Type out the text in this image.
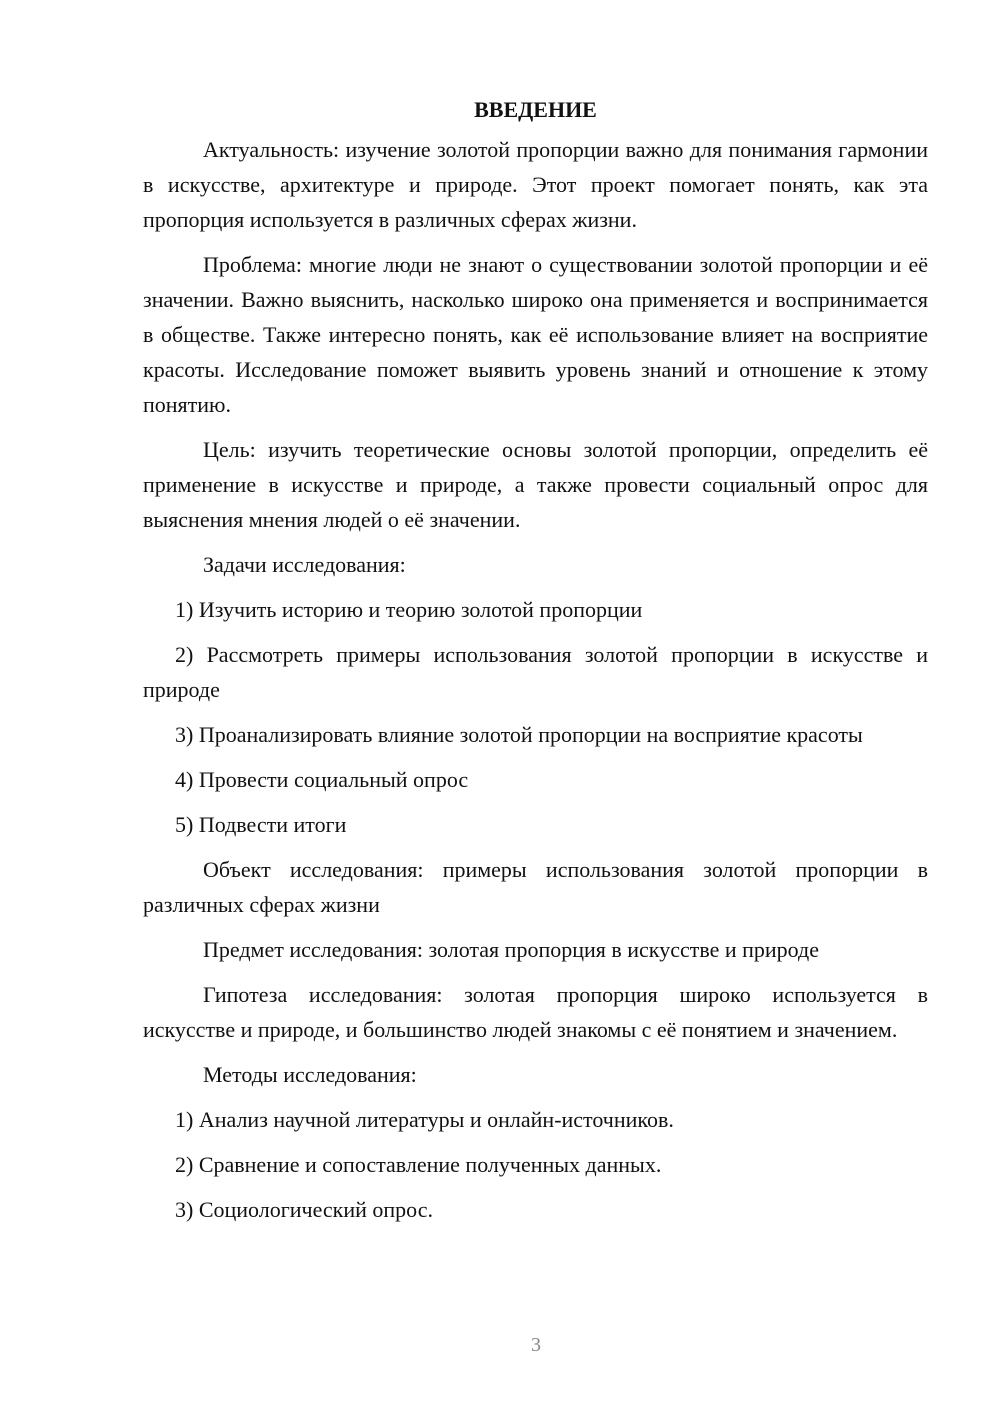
ВВЕДЕНИЕ

Актуальность: изучение золотой пропорции важно для понимания гармонии в искусстве, архитектуре и природе. Этот проект помогает понять, как эта пропорция используется в различных сферах жизни.

Проблема: многие люди не знают о существовании золотой пропорции и её значении. Важно выяснить, насколько широко она применяется и воспринимается в обществе. Также интересно понять, как её использование влияет на восприятие красоты. Исследование поможет выявить уровень знаний и отношение к этому понятию.

Цель: изучить теоретические основы золотой пропорции, определить её применение в искусстве и природе, а также провести социальный опрос для выяснения мнения людей о её значении.

Задачи исследования:

1) Изучить историю и теорию золотой пропорции

2) Рассмотреть примеры использования золотой пропорции в искусстве и природе

3) Проанализировать влияние золотой пропорции на восприятие красоты

4) Провести социальный опрос

5) Подвести итоги

Объект исследования: примеры использования золотой пропорции в различных сферах жизни

Предмет исследования: золотая пропорция в искусстве и природе

Гипотеза исследования: золотая пропорция широко используется в искусстве и природе, и большинство людей знакомы с её понятием и значением.

Методы исследования:

1) Анализ научной литературы и онлайн-источников.

2) Сравнение и сопоставление полученных данных.

3) Социологический опрос.

3
